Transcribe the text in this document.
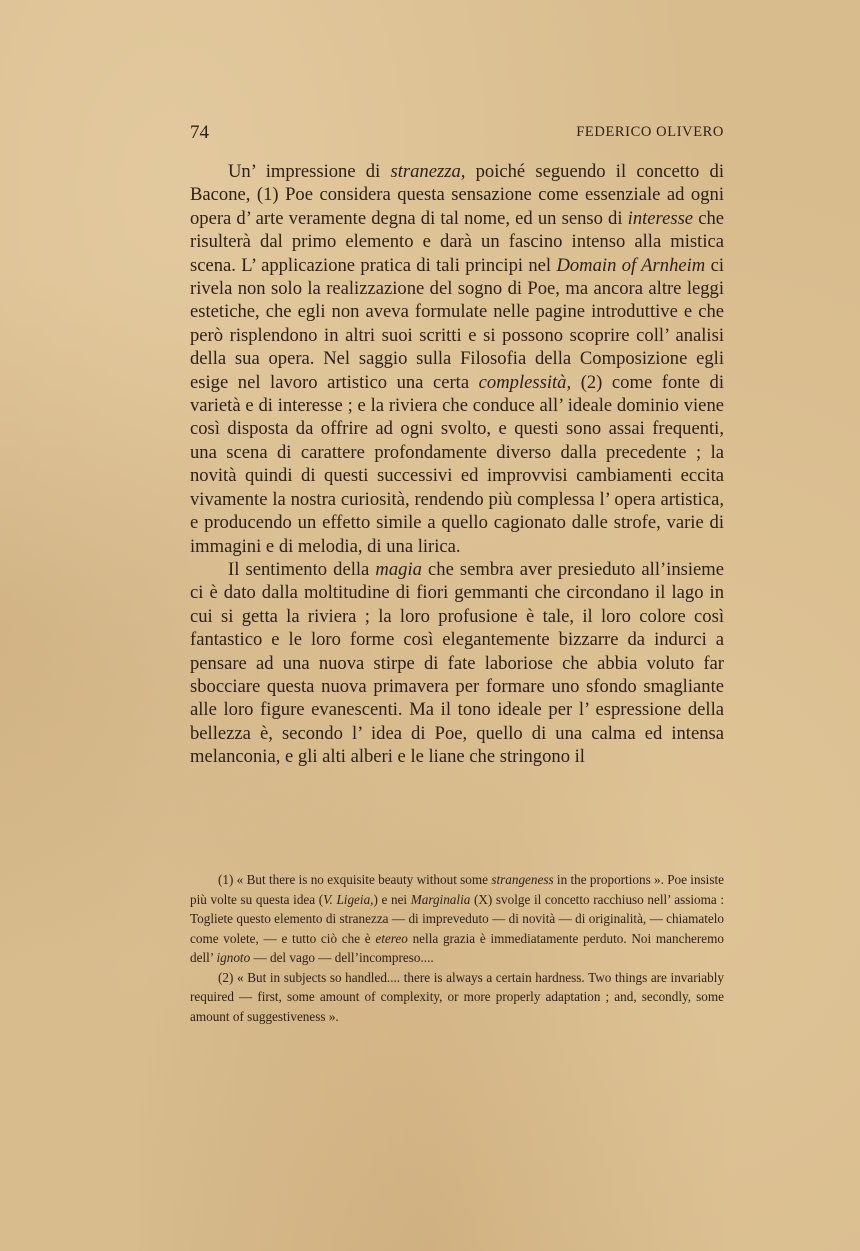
74	FEDERICO OLIVERO

Un’ impressione di stranezza, poiché seguendo il concetto di Bacone, (1) Poe considera questa sensazione come essenziale ad ogni opera d’ arte veramente degna di tal nome, ed un senso di interesse che risulterà dal primo elemento e darà un fascino intenso alla mistica scena. L’ applicazione pratica di tali principi nel Domain of Arnheim ci rivela non solo la realizzazione del sogno di Poe, ma ancora altre leggi estetiche, che egli non aveva formulate nelle pagine introduttive e che però risplendono in altri suoi scritti e si possono scoprire coll’ analisi della sua opera. Nel saggio sulla Filosofia della Composizione egli esige nel lavoro artistico una certa complessità, (2) come fonte di varietà e di interesse ; e la riviera che conduce all’ ideale dominio viene così disposta da offrire ad ogni svolto, e questi sono assai frequenti, una scena di carattere profondamente diverso dalla precedente ; la novità quindi di questi successivi ed improvvisi cambiamenti eccita vivamente la nostra curiosità, rendendo più complessa l’ opera artistica, e producendo un effetto simile a quello cagionato dalle strofe, varie di immagini e di melodia, di una lirica.

Il sentimento della magia che sembra aver presieduto all’insieme ci è dato dalla moltitudine di fiori gemmanti che circondano il lago in cui si getta la riviera ; la loro profusione è tale, il loro colore così fantastico e le loro forme così elegantemente bizzarre da indurci a pensare ad una nuova stirpe di fate laboriose che abbia voluto far sbocciare questa nuova primavera per formare uno sfondo smagliante alle loro figure evanescenti. Ma il tono ideale per l’ espressione della bellezza è, secondo l’ idea di Poe, quello di una calma ed intensa melanconia, e gli alti alberi e le liane che stringono il

(1) « But there is no exquisite beauty without some strangeness in the proportions ». Poe insiste più volte su questa idea (V. Ligeia,) e nei Marginalia (X) svolge il concetto racchiuso nell’ assioma : Togliete questo elemento di stranezza — di impreveduto — di novità — di originalità, — chiamatelo come volete, — e tutto ciò che è etereo nella grazia è immediatamente perduto. Noi mancheremo dell’ ignoto — del vago — dell’incompreso....

(2) « But in subjects so handled.... there is always a certain hardness. Two things are invariably required — first, some amount of complexity, or more properly adaptation ; and, secondly, some amount of suggestiveness ».
